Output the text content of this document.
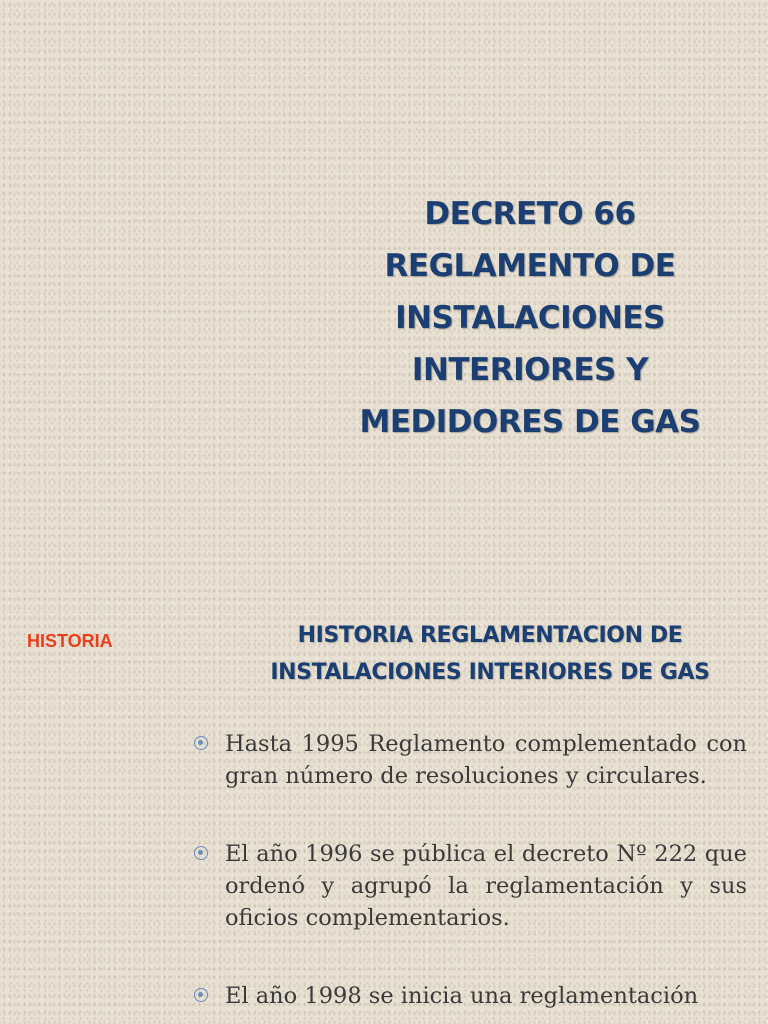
DECRETO 66
REGLAMENTO DE
INSTALACIONES
INTERIORES Y
MEDIDORES DE GAS
HISTORIA	HISTORIA REGLAMENTACION DE
INSTALACIONES INTERIORES DE GAS
Hasta 1995 Reglamento complementado con gran número de resoluciones y circulares.
El año 1996 se pública el decreto Nº 222 que ordenó y agrupó la reglamentación y sus oficios complementarios.
El año 1998 se inicia una reglamentación
